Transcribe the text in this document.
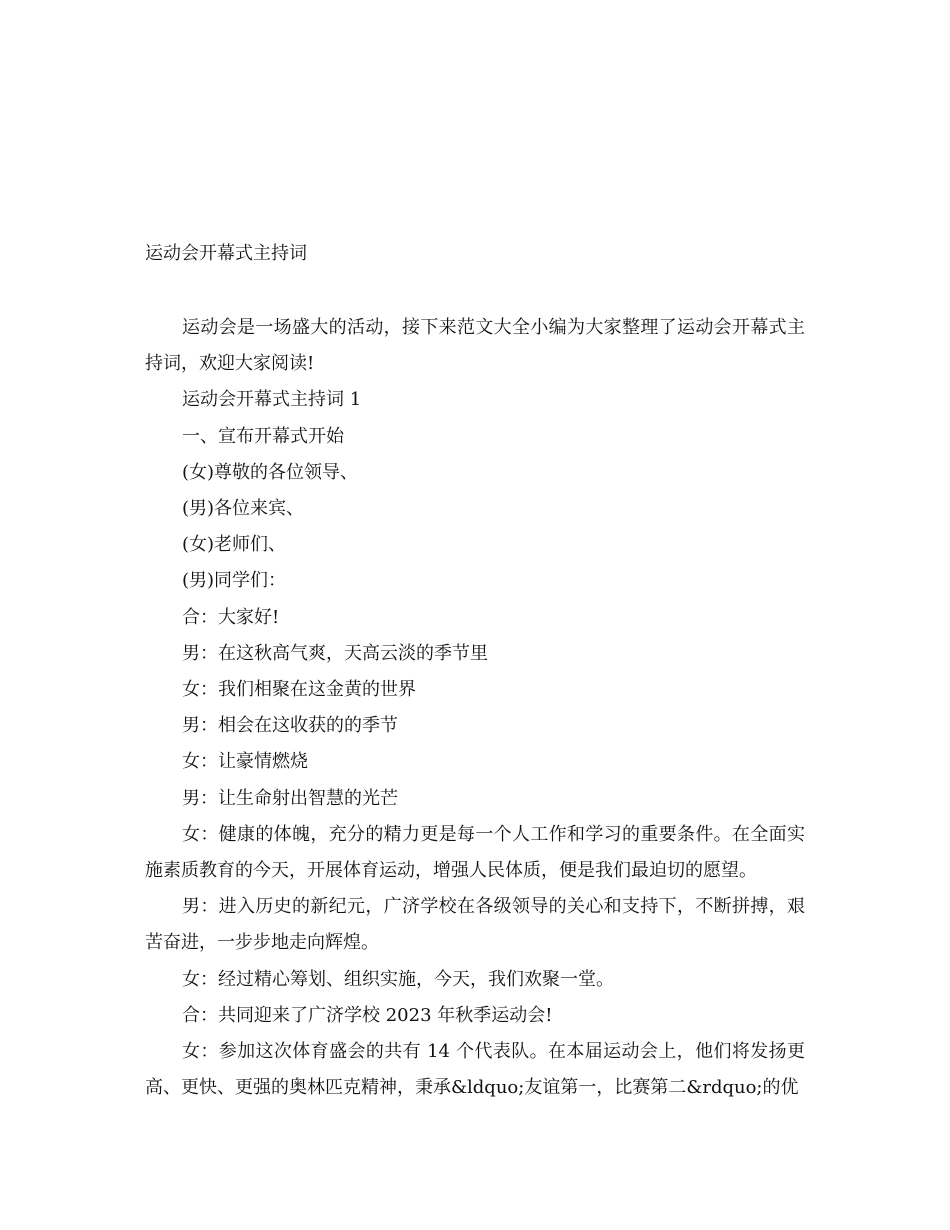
运动会开幕式主持词

运动会是一场盛大的活动，接下来范文大全小编为大家整理了运动会开幕式主持词，欢迎大家阅读!

运动会开幕式主持词 1

一、宣布开幕式开始

(女)尊敬的各位领导、

(男)各位来宾、

(女)老师们、

(男)同学们：

合：大家好!

男：在这秋高气爽，天高云淡的季节里

女：我们相聚在这金黄的世界

男：相会在这收获的的季节

女：让豪情燃烧

男：让生命射出智慧的光芒

女：健康的体魄，充分的精力更是每一个人工作和学习的重要条件。在全面实施素质教育的今天，开展体育运动，增强人民体质，便是我们最迫切的愿望。

男：进入历史的新纪元，广济学校在各级领导的关心和支持下，不断拼搏，艰苦奋进，一步步地走向辉煌。

女：经过精心筹划、组织实施，今天，我们欢聚一堂。

合：共同迎来了广济学校 2023 年秋季运动会!

女：参加这次体育盛会的共有 14 个代表队。在本届运动会上，他们将发扬更高、更快、更强的奥林匹克精神，秉承&ldquo;友谊第一，比赛第二&rdquo;的优
